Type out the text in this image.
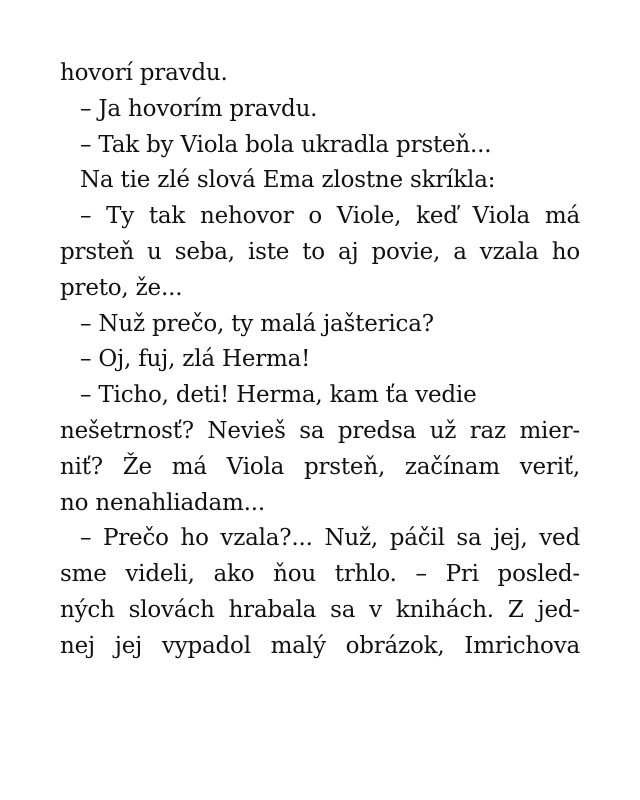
hovorí pravdu.
– Ja hovorím pravdu.
– Tak by Viola bola ukradla prsteň...
Na tie zlé slová Ema zlostne skríkla:
– Ty tak nehovor o Viole, keď Viola má
prsteň u seba, iste to aj povie, a vzala ho
preto, že...
– Nuž prečo, ty malá jašterica?
– Oj, fuj, zlá Herma!
– Ticho, deti! Herma, kam ťa vedie
nešetrnosť? Nevieš sa predsa už raz mier-
niť? Že má Viola prsteň, začínam veriť,
no nenahliadam...
– Prečo ho vzala?... Nuž, páčil sa jej, veď
sme videli, ako ňou trhlo. – Pri posled-
ných slovách hrabala sa v knihách. Z jed-
nej jej vypadol malý obrázok, Imrichova
